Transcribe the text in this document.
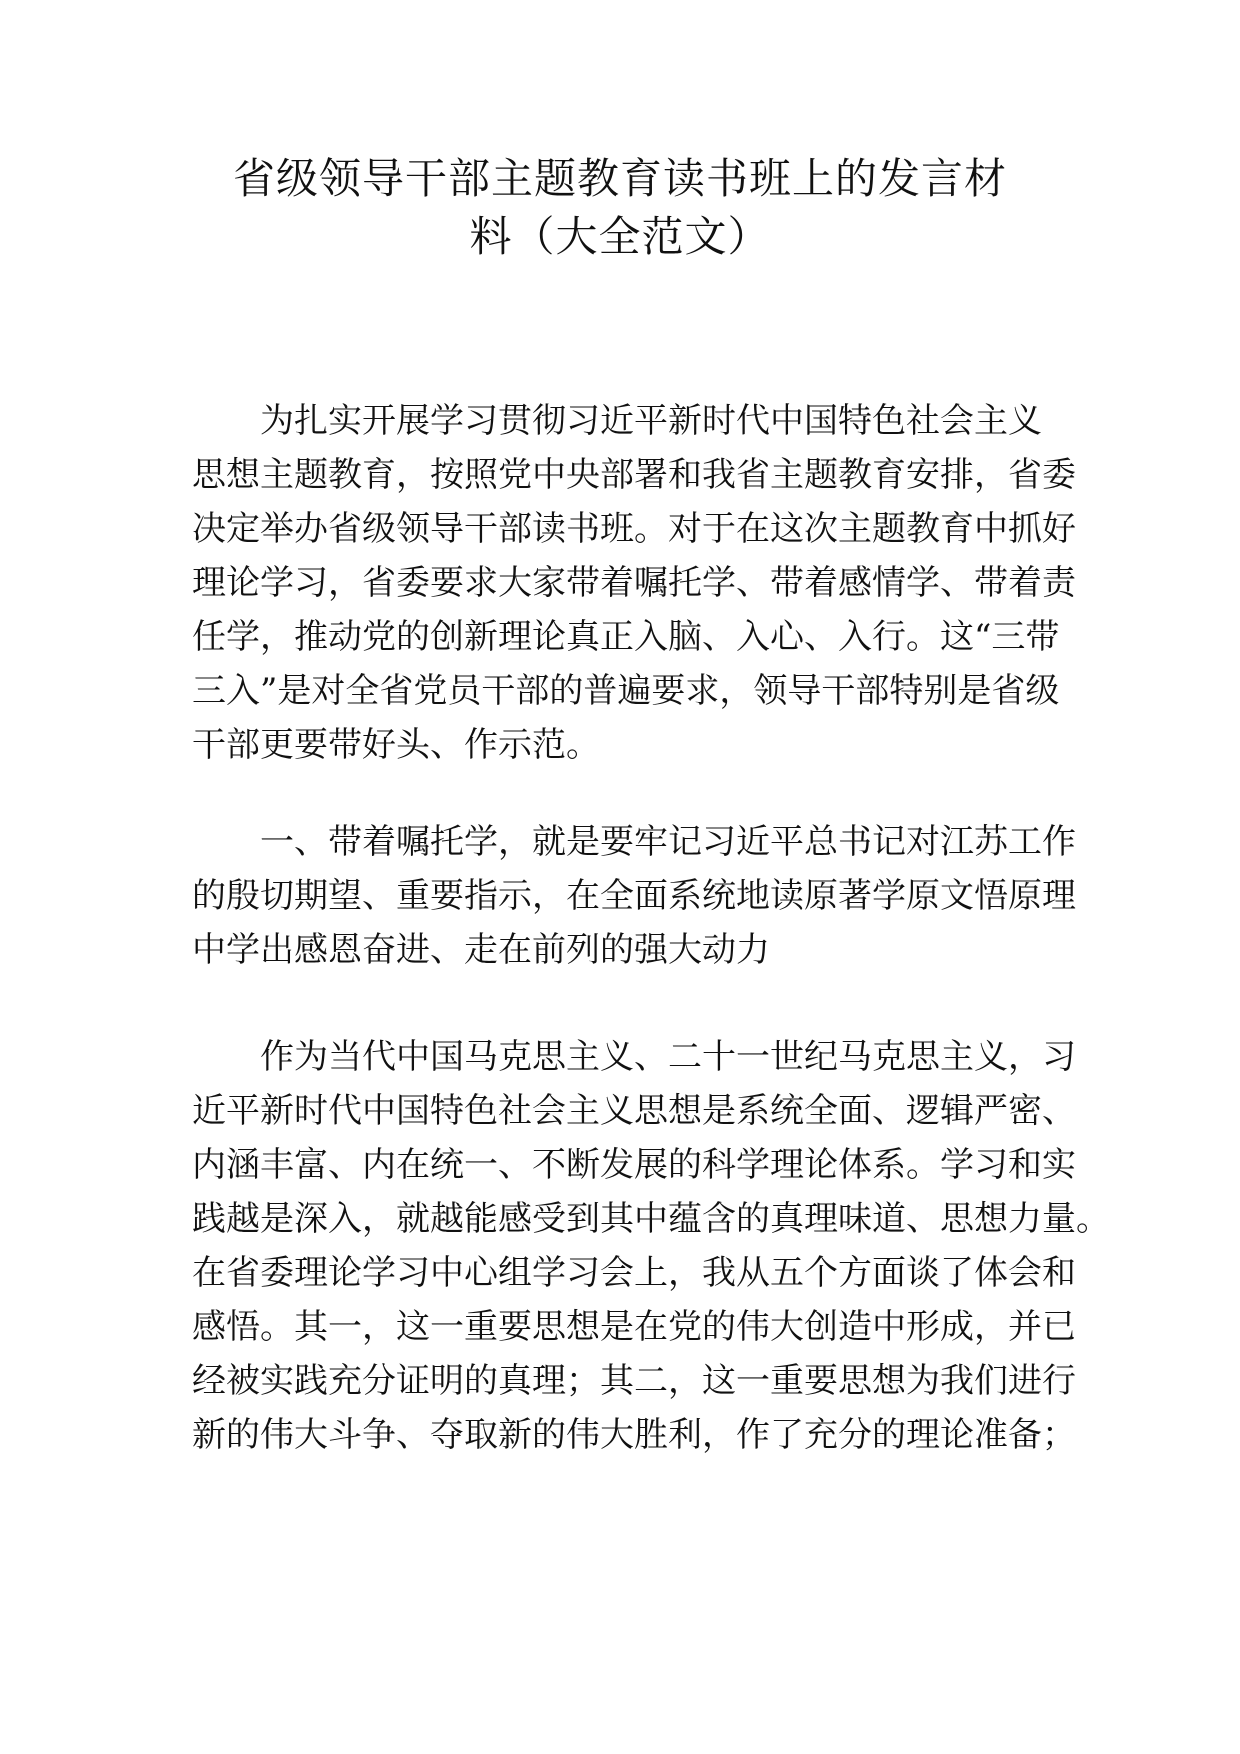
省级领导干部主题教育读书班上的发言材
料（大全范文）

　　为扎实开展学习贯彻习近平新时代中国特色社会主义
思想主题教育，按照党中央部署和我省主题教育安排，省委
决定举办省级领导干部读书班。对于在这次主题教育中抓好
理论学习，省委要求大家带着嘱托学、带着感情学、带着责
任学，推动党的创新理论真正入脑、入心、入行。这“三带
三入”是对全省党员干部的普遍要求，领导干部特别是省级
干部更要带好头、作示范。

　　一、带着嘱托学，就是要牢记习近平总书记对江苏工作
的殷切期望、重要指示，在全面系统地读原著学原文悟原理
中学出感恩奋进、走在前列的强大动力

　　作为当代中国马克思主义、二十一世纪马克思主义，习
近平新时代中国特色社会主义思想是系统全面、逻辑严密、
内涵丰富、内在统一、不断发展的科学理论体系。学习和实
践越是深入，就越能感受到其中蕴含的真理味道、思想力量。
在省委理论学习中心组学习会上，我从五个方面谈了体会和
感悟。其一，这一重要思想是在党的伟大创造中形成，并已
经被实践充分证明的真理；其二，这一重要思想为我们进行
新的伟大斗争、夺取新的伟大胜利，作了充分的理论准备；
